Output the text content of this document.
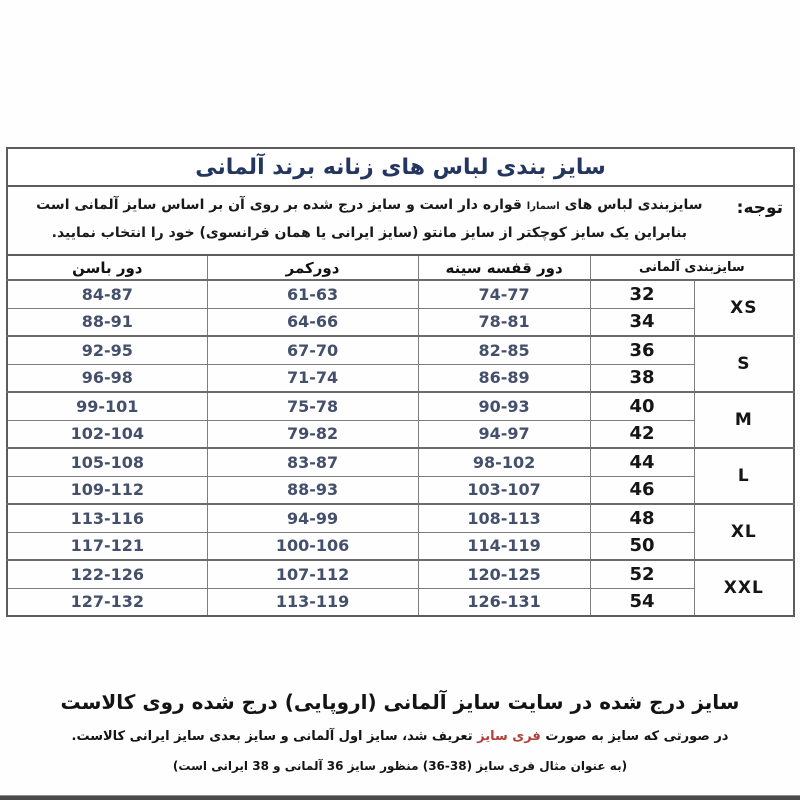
سایز بندی لباس های زنانه برند آلمانی				

توجه:

سایزبندی لباس های اسمارا قواره دار است و سایز درج شده بر روی آن بر اساس سایز آلمانی است بنابراین یک سایز کوچکتر از سایز مانتو (سایز ایرانی یا همان فرانسوی) خود را انتخاب نمایید.				

سایزبندی آلمانی		دور قفسه سینه	دورکمر	دور باسن
XS	32	74-77	61-63	84-87
	34	78-81	64-66	88-91
S	36	82-85	67-70	92-95
	38	86-89	71-74	96-98
M	40	90-93	75-78	99-101
	42	94-97	79-82	102-104
L	44	98-102	83-87	105-108
	46	103-107	88-93	109-112
XL	48	108-113	94-99	113-116
	50	114-119	100-106	117-121
XXL	52	120-125	107-112	122-126
	54	126-131	113-119	127-132

سایز درج شده در سایت سایز آلمانی (اروپایی) درج شده روی کالاست

در صورتی که سایز به صورت فری سایز تعریف شد، سایز اول آلمانی و سایز بعدی سایز ایرانی کالاست.

(به عنوان مثال فری سایز (38-36) منظور سایز 36 آلمانی و 38 ایرانی است)
